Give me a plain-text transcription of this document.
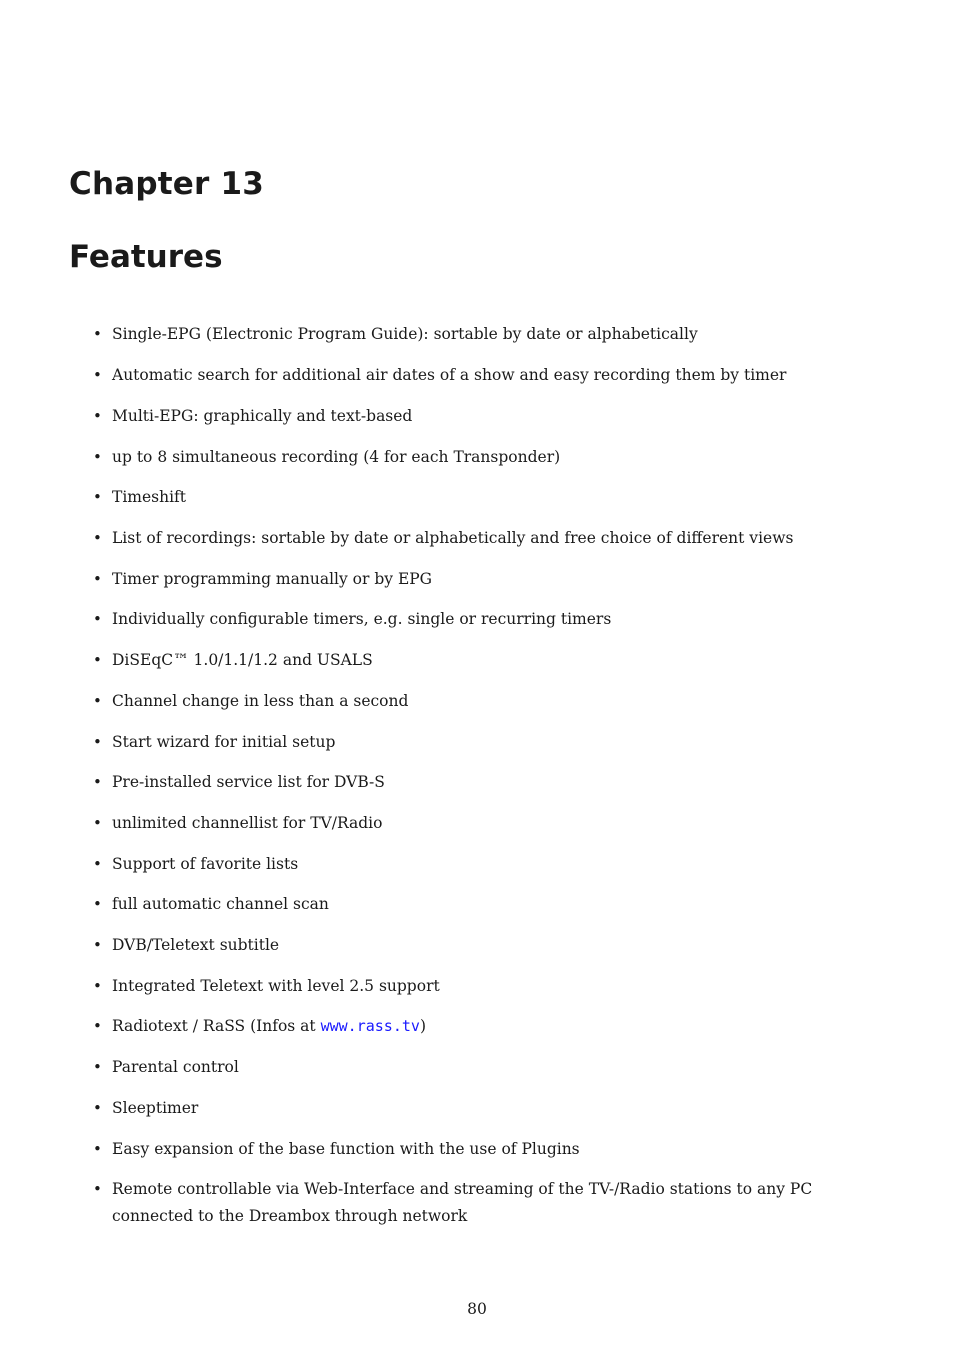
Chapter 13
Features
• Single-EPG (Electronic Program Guide): sortable by date or alphabetically
• Automatic search for additional air dates of a show and easy recording them by timer
• Multi-EPG: graphically and text-based
• up to 8 simultaneous recording (4 for each Transponder)
• Timeshift
• List of recordings: sortable by date or alphabetically and free choice of different views
• Timer programming manually or by EPG
• Individually configurable timers, e.g. single or recurring timers
• DiSEqC™ 1.0/1.1/1.2 and USALS
• Channel change in less than a second
• Start wizard for initial setup
• Pre-installed service list for DVB-S
• unlimited channellist for TV/Radio
• Support of favorite lists
• full automatic channel scan
• DVB/Teletext subtitle
• Integrated Teletext with level 2.5 support
• Radiotext / RaSS (Infos at www.rass.tv)
• Parental control
• Sleeptimer
• Easy expansion of the base function with the use of Plugins
• Remote controllable via Web-Interface and streaming of the TV-/Radio stations to any PC connected to the Dreambox through network
80
